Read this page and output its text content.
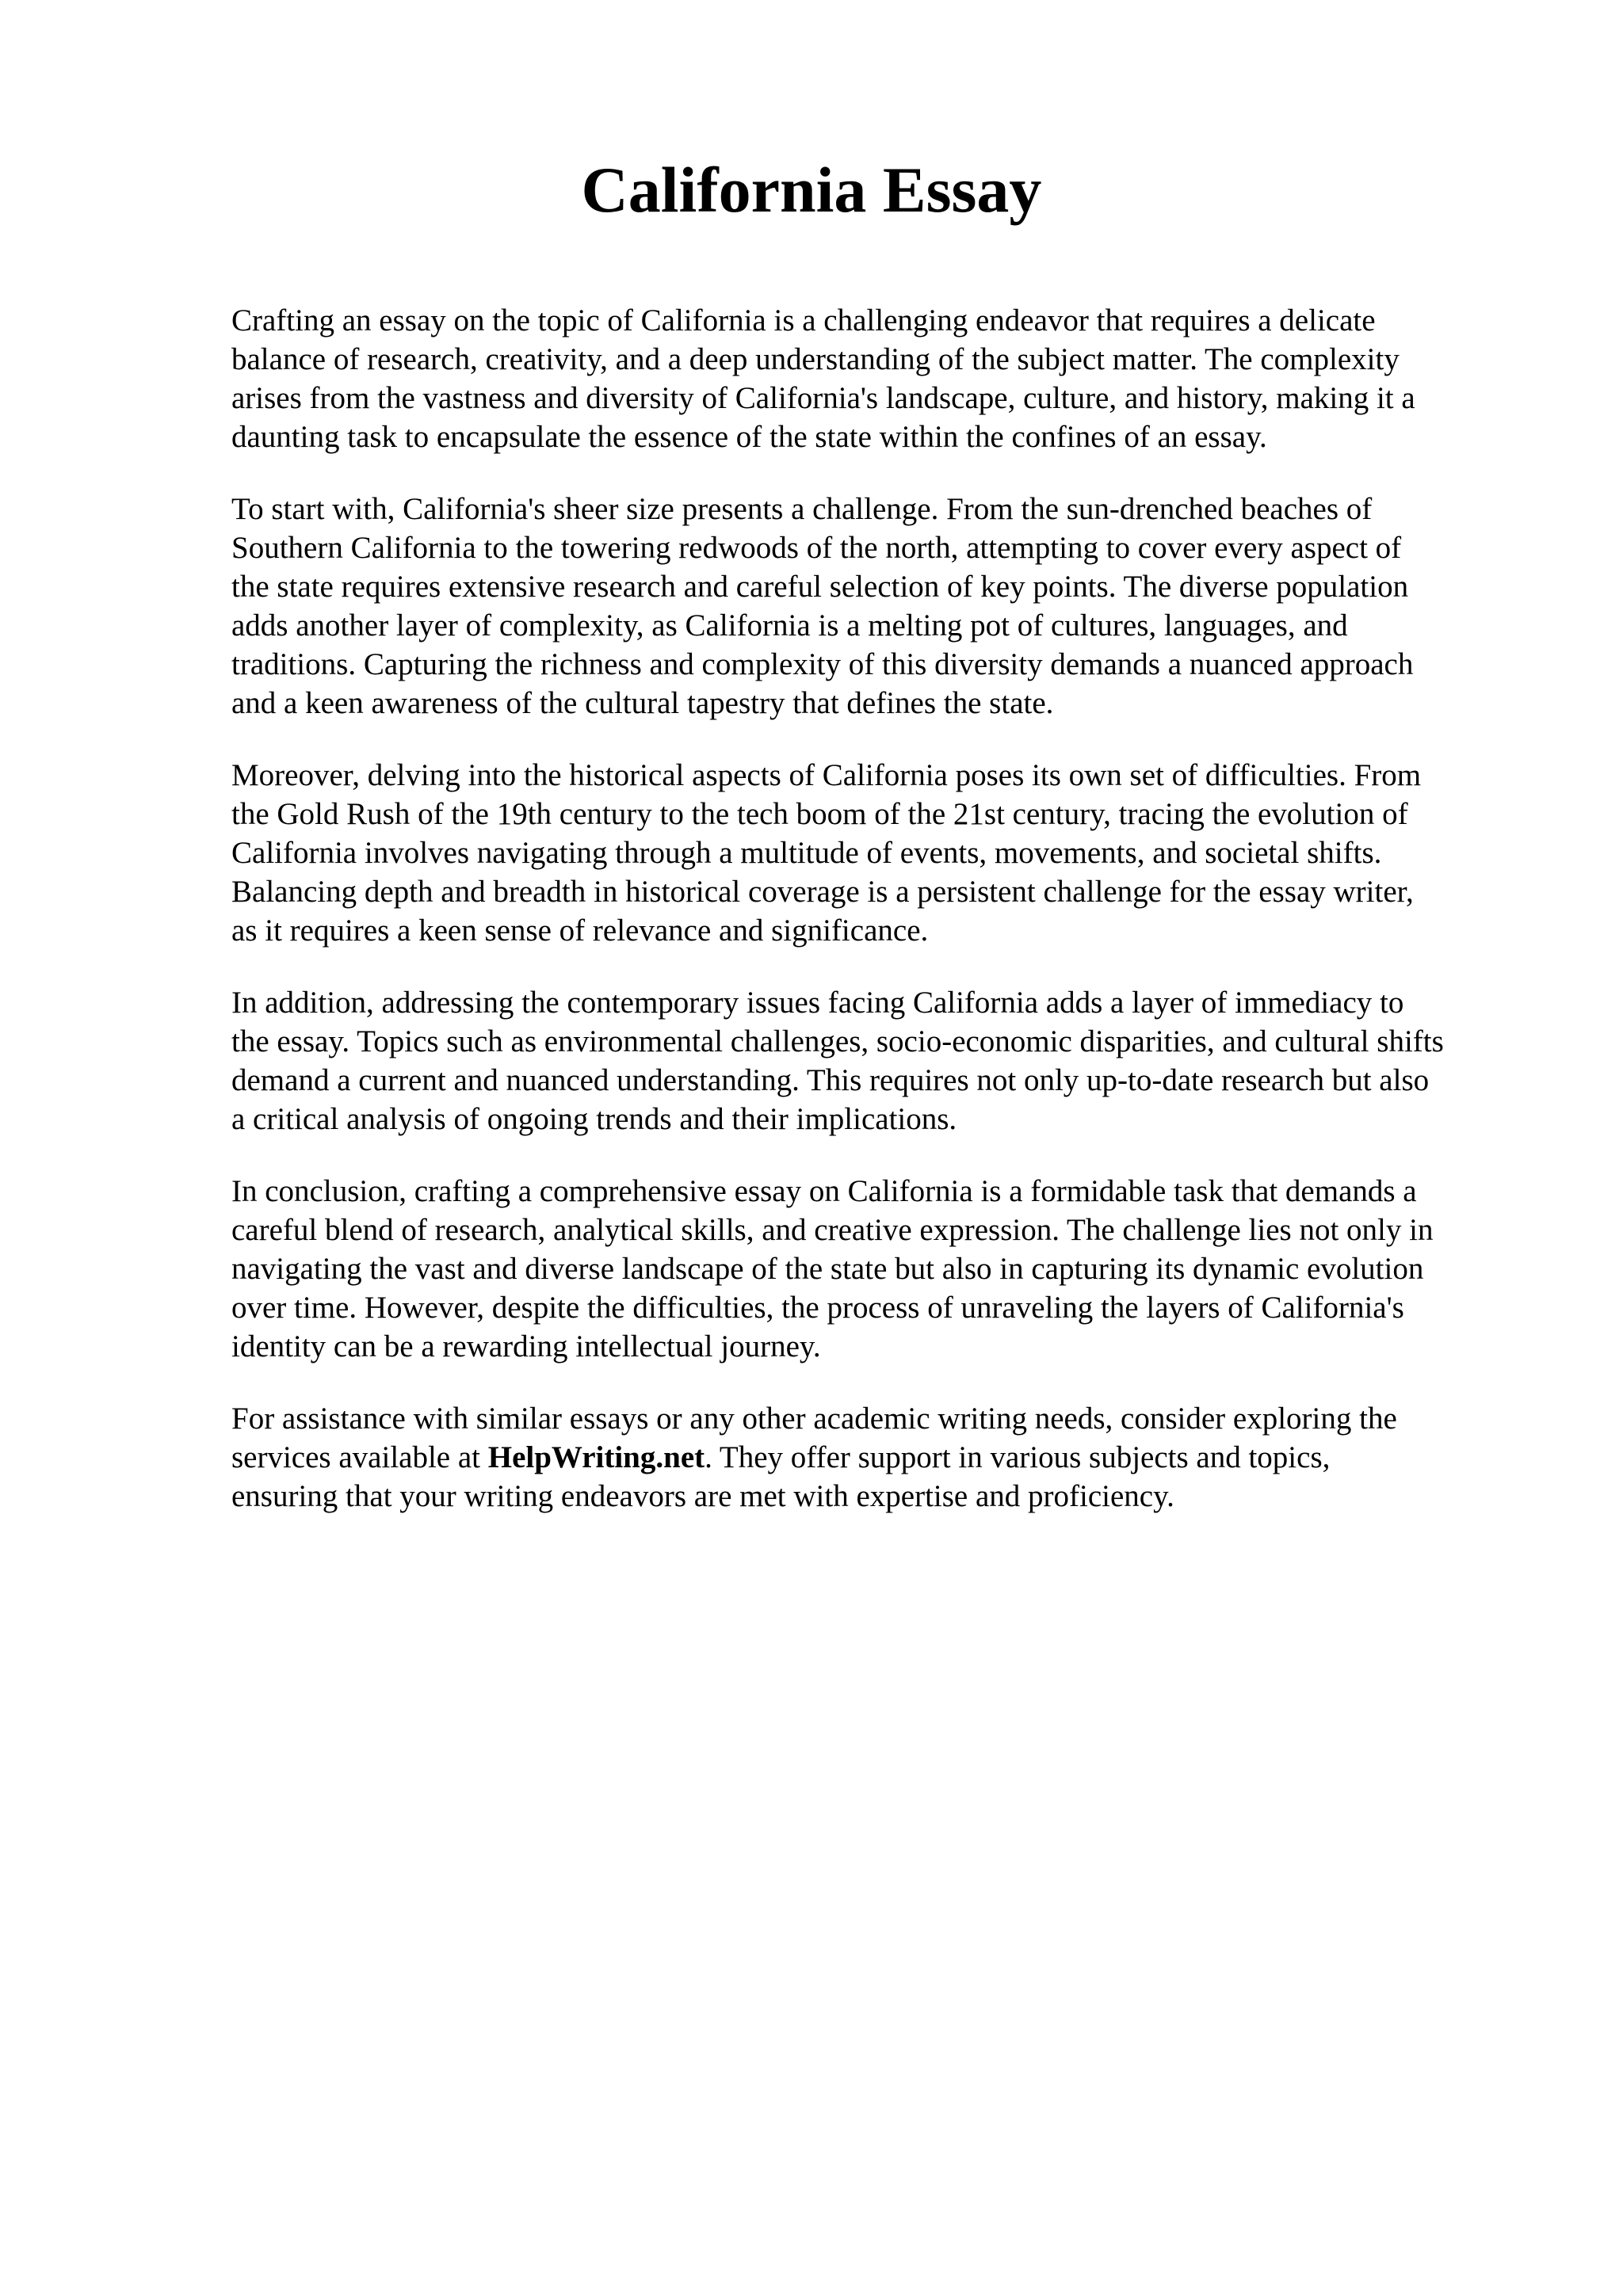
California Essay

Crafting an essay on the topic of California is a challenging endeavor that requires a delicate
balance of research, creativity, and a deep understanding of the subject matter. The complexity
arises from the vastness and diversity of California's landscape, culture, and history, making it a
daunting task to encapsulate the essence of the state within the confines of an essay.

To start with, California's sheer size presents a challenge. From the sun-drenched beaches of
Southern California to the towering redwoods of the north, attempting to cover every aspect of
the state requires extensive research and careful selection of key points. The diverse population
adds another layer of complexity, as California is a melting pot of cultures, languages, and
traditions. Capturing the richness and complexity of this diversity demands a nuanced approach
and a keen awareness of the cultural tapestry that defines the state.

Moreover, delving into the historical aspects of California poses its own set of difficulties. From
the Gold Rush of the 19th century to the tech boom of the 21st century, tracing the evolution of
California involves navigating through a multitude of events, movements, and societal shifts.
Balancing depth and breadth in historical coverage is a persistent challenge for the essay writer,
as it requires a keen sense of relevance and significance.

In addition, addressing the contemporary issues facing California adds a layer of immediacy to
the essay. Topics such as environmental challenges, socio-economic disparities, and cultural shifts
demand a current and nuanced understanding. This requires not only up-to-date research but also
a critical analysis of ongoing trends and their implications.

In conclusion, crafting a comprehensive essay on California is a formidable task that demands a
careful blend of research, analytical skills, and creative expression. The challenge lies not only in
navigating the vast and diverse landscape of the state but also in capturing its dynamic evolution
over time. However, despite the difficulties, the process of unraveling the layers of California's
identity can be a rewarding intellectual journey.

For assistance with similar essays or any other academic writing needs, consider exploring the
services available at HelpWriting.net. They offer support in various subjects and topics,
ensuring that your writing endeavors are met with expertise and proficiency.
